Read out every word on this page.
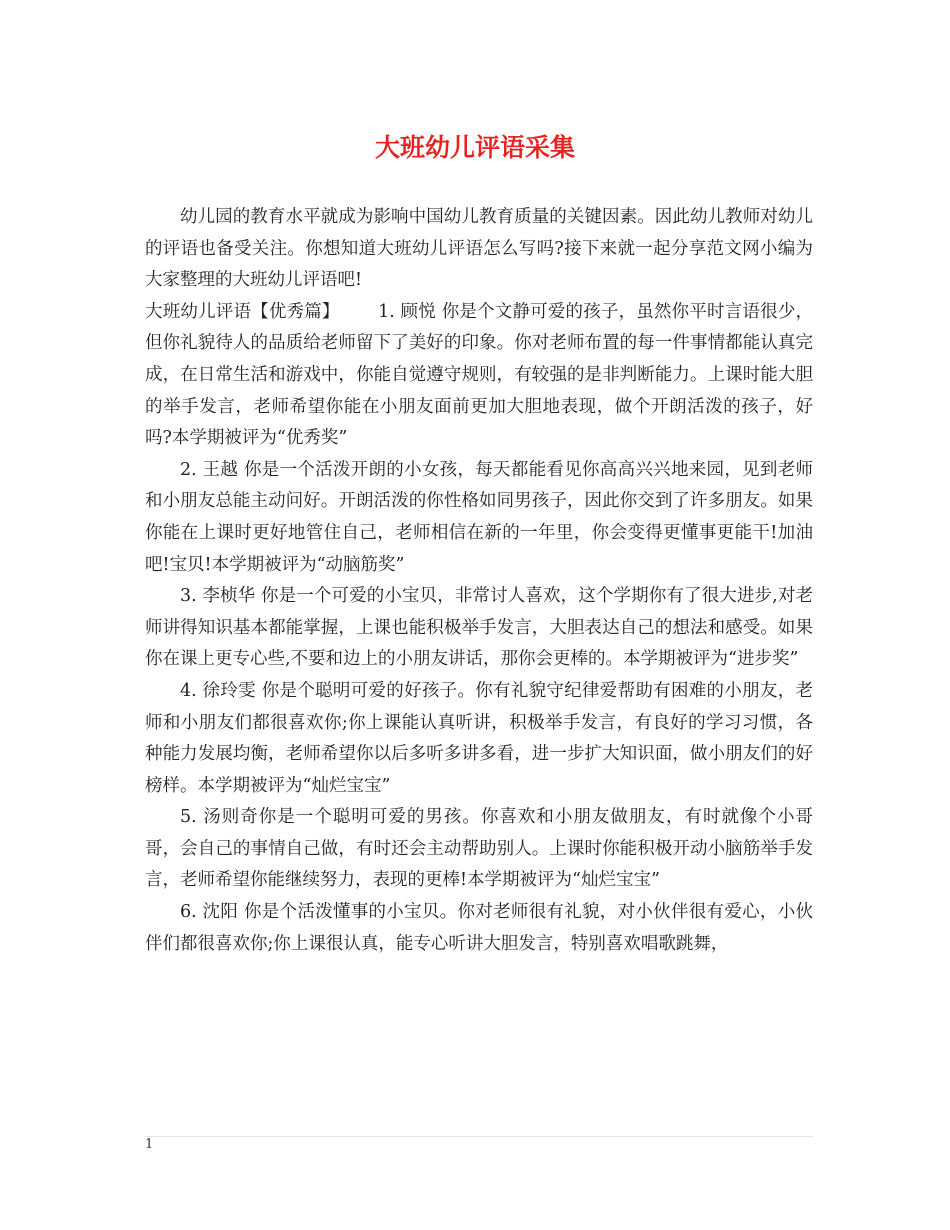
大班幼儿评语采集

幼儿园的教育水平就成为影响中国幼儿教育质量的关键因素。因此幼儿教师对幼儿的评语也备受关注。你想知道大班幼儿评语怎么写吗?接下来就一起分享范文网小编为大家整理的大班幼儿评语吧!

大班幼儿评语【优秀篇】 1. 顾悦 你是个文静可爱的孩子，虽然你平时言语很少，但你礼貌待人的品质给老师留下了美好的印象。你对老师布置的每一件事情都能认真完成，在日常生活和游戏中，你能自觉遵守规则，有较强的是非判断能力。上课时能大胆的举手发言，老师希望你能在小朋友面前更加大胆地表现，做个开朗活泼的孩子，好吗?本学期被评为“优秀奖”

2. 王越 你是一个活泼开朗的小女孩，每天都能看见你高高兴兴地来园，见到老师和小朋友总能主动问好。开朗活泼的你性格如同男孩子，因此你交到了许多朋友。如果你能在上课时更好地管住自己，老师相信在新的一年里，你会变得更懂事更能干!加油吧!宝贝!本学期被评为“动脑筋奖”

3. 李桢华 你是一个可爱的小宝贝，非常讨人喜欢，这个学期你有了很大进步,对老师讲得知识基本都能掌握，上课也能积极举手发言，大胆表达自己的想法和感受。如果你在课上更专心些,不要和边上的小朋友讲话，那你会更棒的。本学期被评为“进步奖”

4. 徐玲雯 你是个聪明可爱的好孩子。你有礼貌守纪律爱帮助有困难的小朋友，老师和小朋友们都很喜欢你;你上课能认真听讲，积极举手发言，有良好的学习习惯，各种能力发展均衡，老师希望你以后多听多讲多看，进一步扩大知识面，做小朋友们的好榜样。本学期被评为“灿烂宝宝”

5. 汤则奇你是一个聪明可爱的男孩。你喜欢和小朋友做朋友，有时就像个小哥哥，会自己的事情自己做，有时还会主动帮助别人。上课时你能积极开动小脑筋举手发言，老师希望你能继续努力，表现的更棒!本学期被评为“灿烂宝宝”

6. 沈阳 你是个活泼懂事的小宝贝。你对老师很有礼貌，对小伙伴很有爱心，小伙伴们都很喜欢你;你上课很认真，能专心听讲大胆发言，特别喜欢唱歌跳舞，

1
